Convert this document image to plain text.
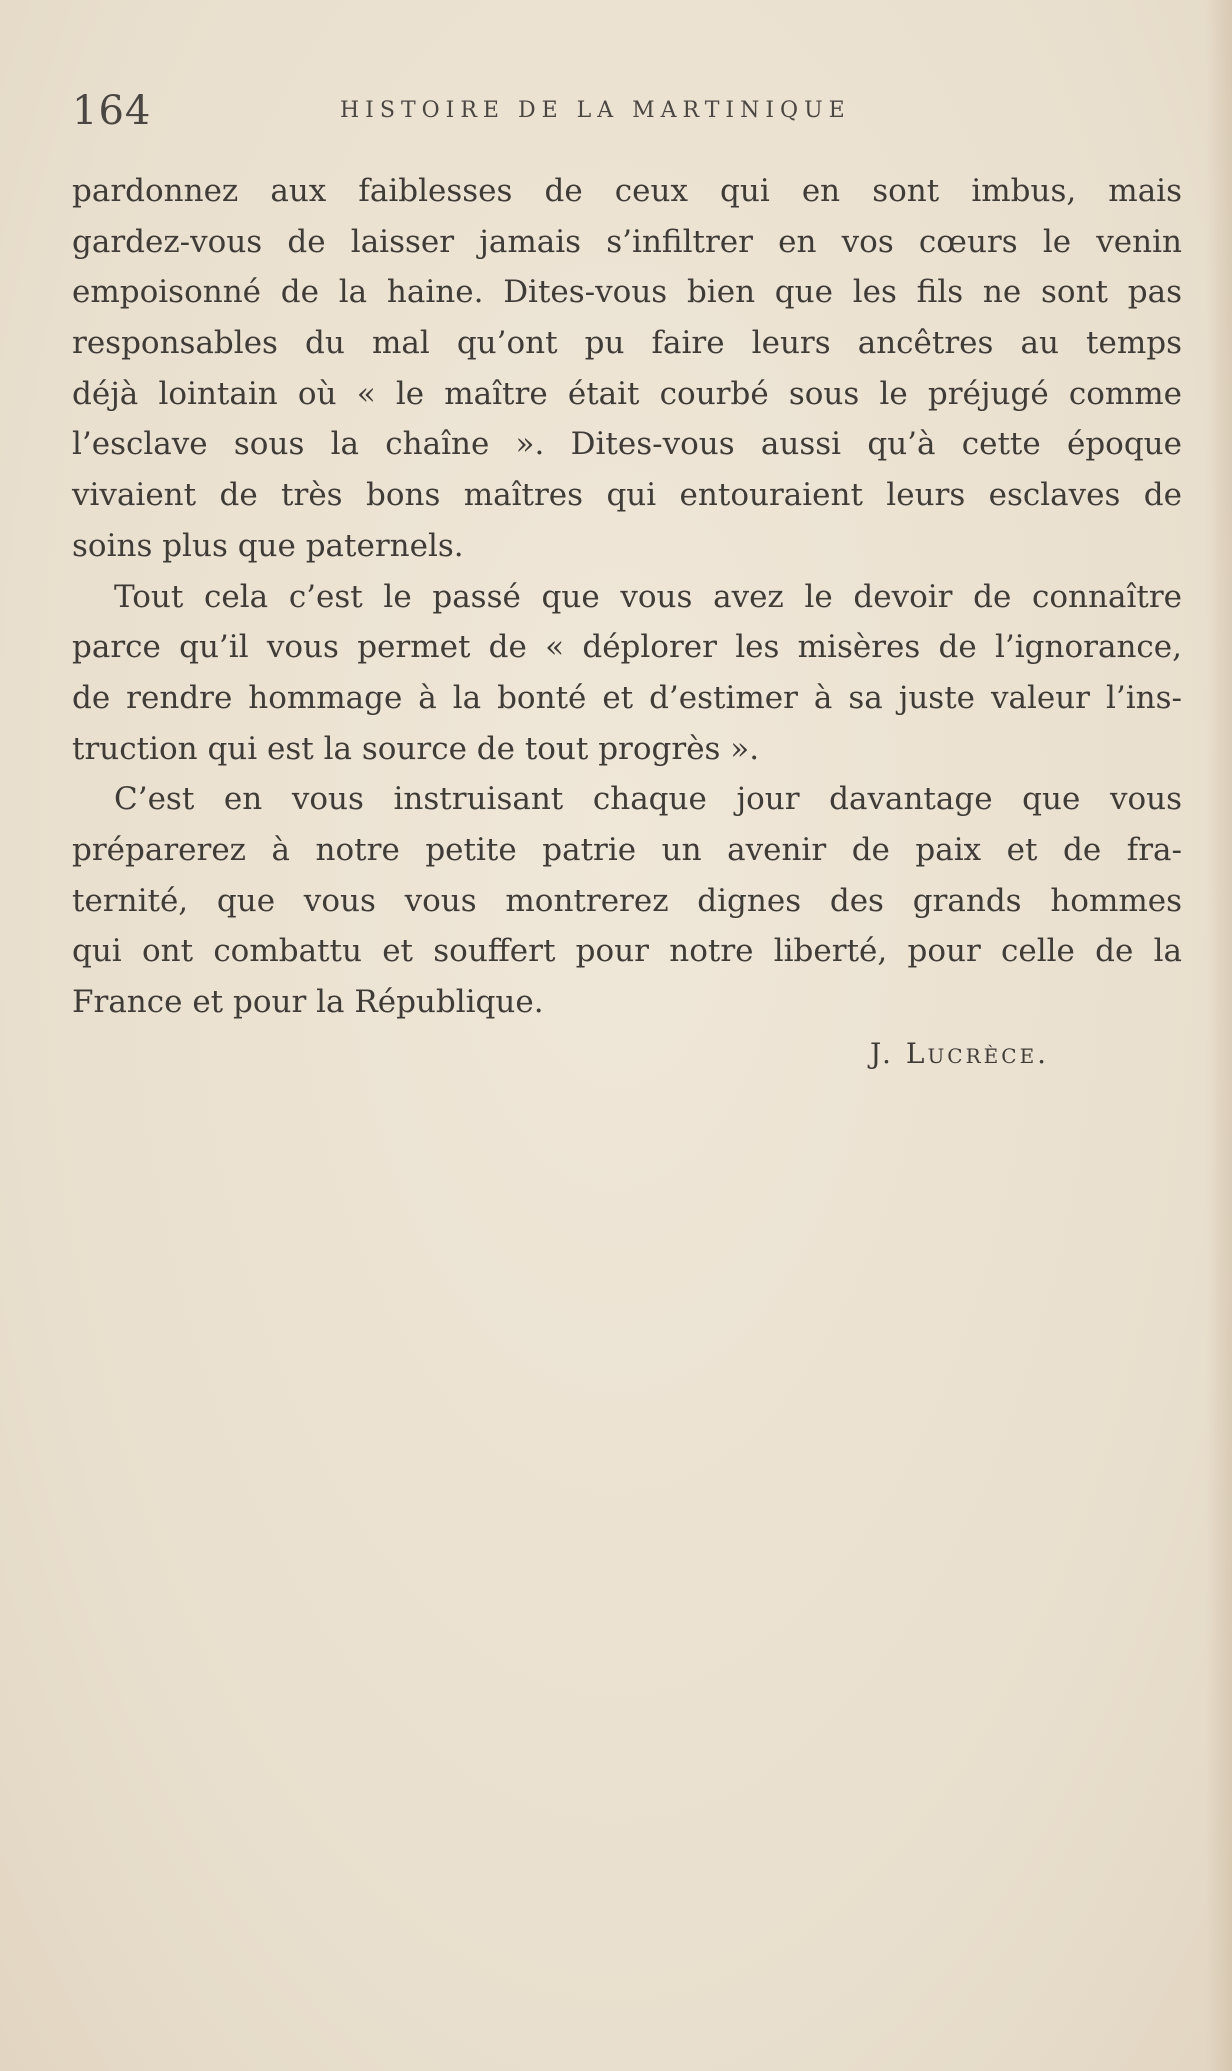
164	HISTOIRE DE LA MARTINIQUE
pardonnez aux faiblesses de ceux qui en sont imbus, mais
gardez-vous de laisser jamais s’infiltrer en vos cœurs le venin
empoisonné de la haine. Dites-vous bien que les fils ne sont pas
responsables du mal qu’ont pu faire leurs ancêtres au temps
déjà lointain où « le maître était courbé sous le préjugé comme
l’esclave sous la chaîne ». Dites-vous aussi qu’à cette époque
vivaient de très bons maîtres qui entouraient leurs esclaves de
soins plus que paternels.
Tout cela c’est le passé que vous avez le devoir de connaître
parce qu’il vous permet de « déplorer les misères de l’ignorance,
de rendre hommage à la bonté et d’estimer à sa juste valeur l’ins-
truction qui est la source de tout progrès ».
C’est en vous instruisant chaque jour davantage que vous
préparerez à notre petite patrie un avenir de paix et de fra-
ternité, que vous vous montrerez dignes des grands hommes
qui ont combattu et souffert pour notre liberté, pour celle de la
France et pour la République.
J. Lucrèce.
